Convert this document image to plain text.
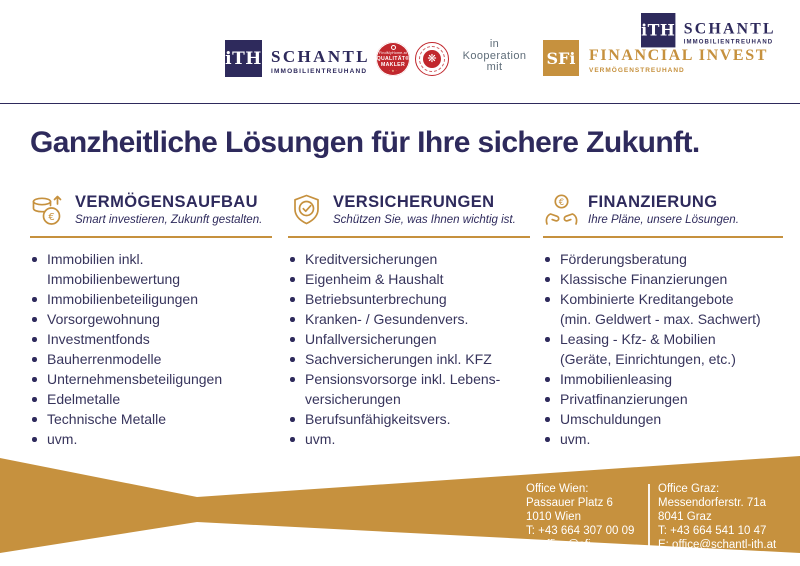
iTH SCHANTL
IMMOBILIENTREUHAND
FindMyHome.at
QUALITÄT®
MAKLER
· ★ ·
❋
in
Kooperation
mit	SFi FINANCIAL INVEST
VERMÖGENSTREUHAND
iTH SCHANTL
IMMOBILIENTREUHAND
Ganzheitliche Lösungen für Ihre sichere Zukunft.
€
VERMÖGENSAUFBAU
Smart investieren, Zukunft gestalten.
Immobilien inkl.
Immobilienbewertung
Immobilienbeteiligungen
Vorsorgewohnung
Investmentfonds
Bauherrenmodelle
Unternehmensbeteiligungen
Edelmetalle
Technische Metalle
uvm.
VERSICHERUNGEN
Schützen Sie, was Ihnen wichtig ist.
Kreditversicherungen
Eigenheim & Haushalt
Betriebsunterbrechung
Kranken- / Gesundenvers.
Unfallversicherungen
Sachversicherungen inkl. KFZ
Pensionsvorsorge inkl. Lebens-
versicherungen
Berufsunfähigkeitsvers.
uvm.
€ FINANZIERUNG
Ihre Pläne, unsere Lösungen.
Förderungsberatung
Klassische Finanzierungen
Kombinierte Kreditangebote
(min. Geldwert - max. Sachwert)
Leasing - Kfz- & Mobilien
(Geräte, Einrichtungen, etc.)
Immobilienleasing
Privatfinanzierungen
Umschuldungen
uvm.
Office Wien:
Passauer Platz 6
1010 Wien
T: +43 664 307 00 09
E: office@sfi-invest.com
Office Graz:
Messendorferstr. 71a
8041 Graz
T: +43 664 541 10 47
E: office@schantl-ith.at
